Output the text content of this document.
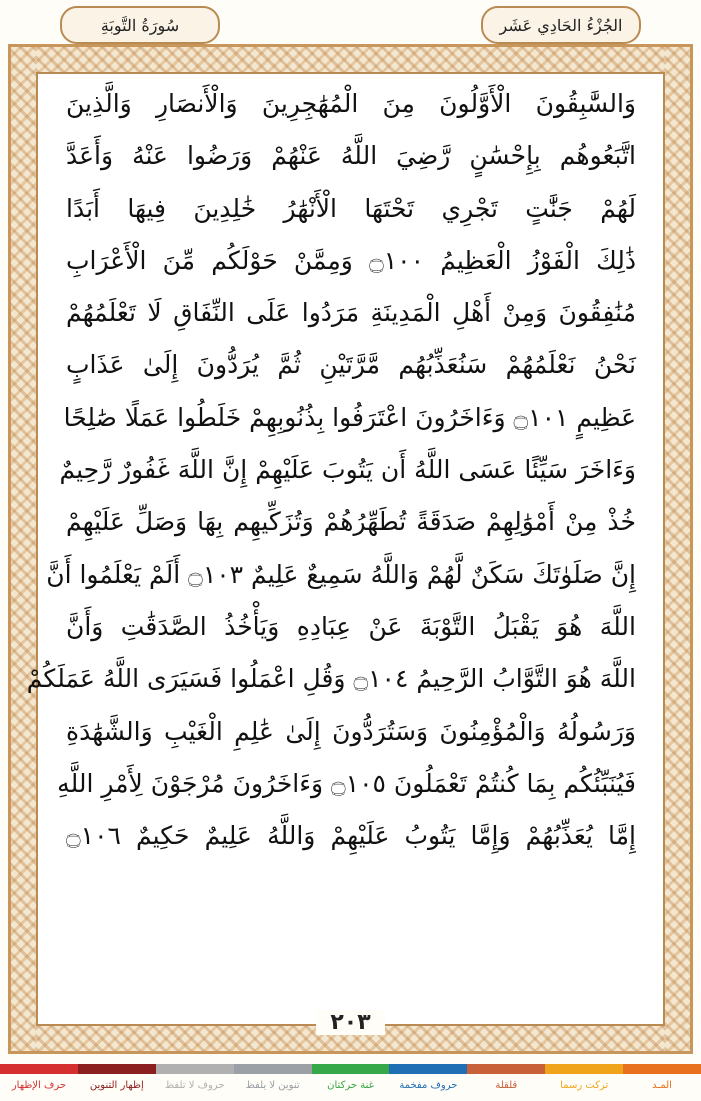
سُورَةُ التَّوبَةِ	الجُزْءُ الحَادِي عَشَر
وَالسَّٰبِقُونَ الْأَوَّلُونَ مِنَ الْمُهَٰجِرِينَ وَالْأَنصَارِ وَالَّذِينَ
اتَّبَعُوهُم بِإِحْسَٰنٍ رَّضِيَ اللَّهُ عَنْهُمْ وَرَضُوا عَنْهُ وَأَعَدَّ
لَهُمْ جَنَّٰتٍ تَجْرِي تَحْتَهَا الْأَنْهَٰرُ خَٰلِدِينَ فِيهَا أَبَدًا
ذَٰلِكَ الْفَوْزُ الْعَظِيمُ ۝١٠٠ وَمِمَّنْ حَوْلَكُم مِّنَ الْأَعْرَابِ
مُنَٰفِقُونَ وَمِنْ أَهْلِ الْمَدِينَةِ مَرَدُوا عَلَى النِّفَاقِ لَا تَعْلَمُهُمْ
نَحْنُ نَعْلَمُهُمْ سَنُعَذِّبُهُم مَّرَّتَيْنِ ثُمَّ يُرَدُّونَ إِلَىٰ عَذَابٍ
عَظِيمٍ ۝١٠١ وَءَاخَرُونَ اعْتَرَفُوا بِذُنُوبِهِمْ خَلَطُوا عَمَلًا صَٰلِحًا
وَءَاخَرَ سَيِّئًا عَسَى اللَّهُ أَن يَتُوبَ عَلَيْهِمْ إِنَّ اللَّهَ غَفُورٌ رَّحِيمٌ
خُذْ مِنْ أَمْوَٰلِهِمْ صَدَقَةً تُطَهِّرُهُمْ وَتُزَكِّيهِم بِهَا وَصَلِّ عَلَيْهِمْ
إِنَّ صَلَوٰتَكَ سَكَنٌ لَّهُمْ وَاللَّهُ سَمِيعٌ عَلِيمٌ ۝١٠٣ أَلَمْ يَعْلَمُوا أَنَّ
اللَّهَ هُوَ يَقْبَلُ التَّوْبَةَ عَنْ عِبَادِهِ وَيَأْخُذُ الصَّدَقَٰتِ وَأَنَّ
اللَّهَ هُوَ التَّوَّابُ الرَّحِيمُ ۝١٠٤ وَقُلِ اعْمَلُوا فَسَيَرَى اللَّهُ عَمَلَكُمْ
وَرَسُولُهُ وَالْمُؤْمِنُونَ وَسَتُرَدُّونَ إِلَىٰ عَٰلِمِ الْغَيْبِ وَالشَّهَٰدَةِ
فَيُنَبِّئُكُم بِمَا كُنتُمْ تَعْمَلُونَ ۝١٠٥ وَءَاخَرُونَ مُرْجَوْنَ لِأَمْرِ اللَّهِ
إِمَّا يُعَذِّبُهُمْ وَإِمَّا يَتُوبُ عَلَيْهِمْ وَاللَّهُ عَلِيمٌ حَكِيمٌ ۝١٠٦
٢٠٣
المـد
تركت رسما
قلقلة
حروف مفخمة
غنة حركتان
تنوين لا يلفظ
حروف لا تلفظ
إظهار التنوين
حرف الإظهار
